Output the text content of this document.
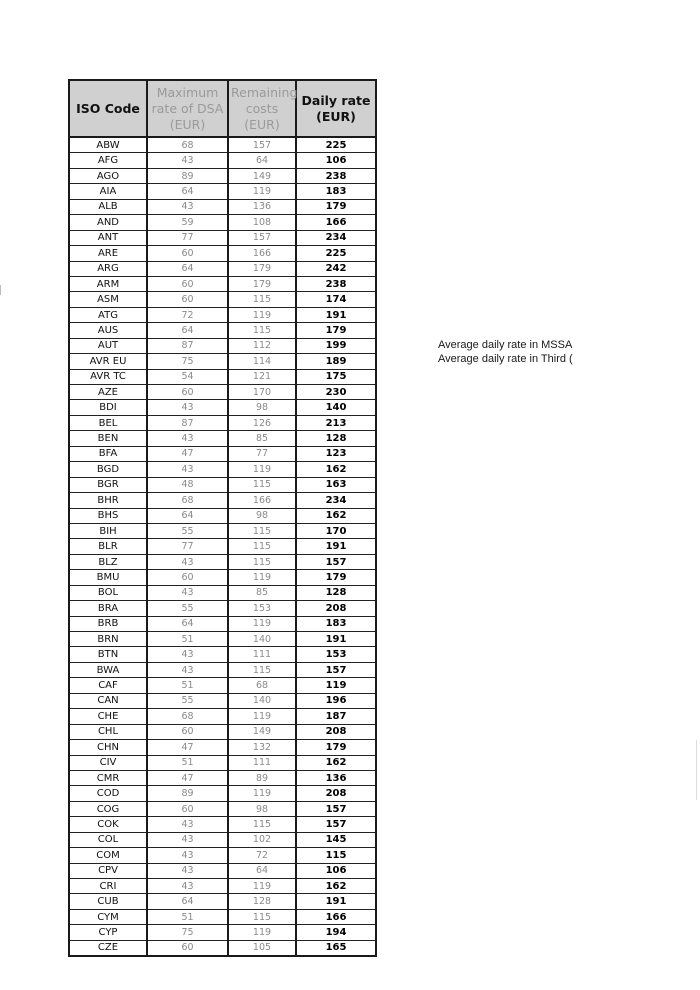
ISO Code	Maximum rate of DSA (EUR)	Remaining costs (EUR)	Daily rate (EUR)
ABW	68	157	225
AFG	43	64	106
AGO	89	149	238
AIA	64	119	183
ALB	43	136	179
AND	59	108	166
ANT	77	157	234
ARE	60	166	225
ARG	64	179	242
ARM	60	179	238
ASM	60	115	174
ATG	72	119	191
AUS	64	115	179
AUT	87	112	199
AVR EU	75	114	189
AVR TC	54	121	175
AZE	60	170	230
BDI	43	98	140
BEL	87	126	213
BEN	43	85	128
BFA	47	77	123
BGD	43	119	162
BGR	48	115	163
BHR	68	166	234
BHS	64	98	162
BIH	55	115	170
BLR	77	115	191
BLZ	43	115	157
BMU	60	119	179
BOL	43	85	128
BRA	55	153	208
BRB	64	119	183
BRN	51	140	191
BTN	43	111	153
BWA	43	115	157
CAF	51	68	119
CAN	55	140	196
CHE	68	119	187
CHL	60	149	208
CHN	47	132	179
CIV	51	111	162
CMR	47	89	136
COD	89	119	208
COG	60	98	157
COK	43	115	157
COL	43	102	145
COM	43	72	115
CPV	43	64	106
CRI	43	119	162
CUB	64	128	191
CYM	51	115	166
CYP	75	119	194
CZE	60	105	165
Average daily rate in MSSA
Average daily rate in Third (
